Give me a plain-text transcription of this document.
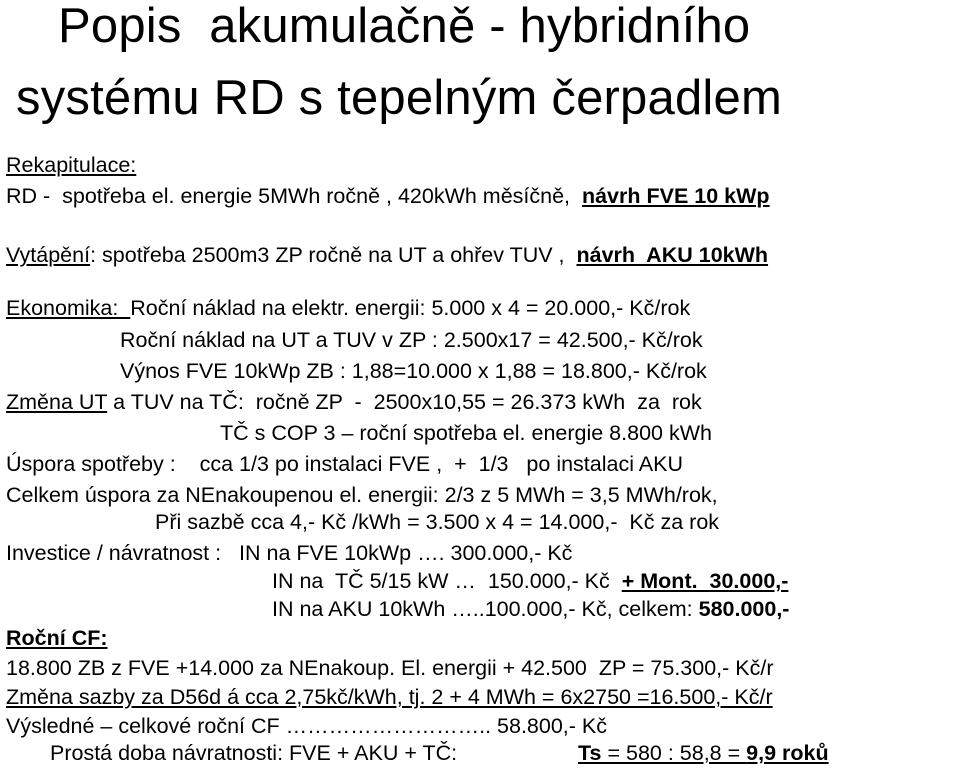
Popis  akumulačně - hybridního
systému RD s tepelným čerpadlem
Rekapitulace:
RD -  spotřeba el. energie 5MWh ročně , 420kWh měsíčně,  návrh FVE 10 kWp
Vytápění: spotřeba 2500m3 ZP ročně na UT a ohřev TUV ,  návrh  AKU 10kWh
Ekonomika:  Roční náklad na elektr. energii: 5.000 x 4 = 20.000,- Kč/rok
Roční náklad na UT a TUV v ZP : 2.500x17 = 42.500,- Kč/rok
Výnos FVE 10kWp ZB : 1,88=10.000 x 1,88 = 18.800,- Kč/rok
Změna UT a TUV na TČ:  ročně ZP  -  2500x10,55 = 26.373 kWh  za  rok
TČ s COP 3 – roční spotřeba el. energie 8.800 kWh
Úspora spotřeby :    cca 1/3 po instalaci FVE ,  +  1/3   po instalaci AKU
Celkem úspora za NEnakoupenou el. energii: 2/3 z 5 MWh = 3,5 MWh/rok,
Při sazbě cca 4,- Kč /kWh = 3.500 x 4 = 14.000,-  Kč za rok
Investice / návratnost :   IN na FVE 10kWp …. 300.000,- Kč
IN na  TČ 5/15 kW …  150.000,- Kč  + Mont.  30.000,-
IN na AKU 10kWh …..100.000,- Kč, celkem: 580.000,-
Roční CF:
18.800 ZB z FVE +14.000 za NEnakoup. El. energii + 42.500  ZP = 75.300,- Kč/r
Změna sazby za D56d á cca 2,75kč/kWh, tj. 2 + 4 MWh = 6x2750 =16.500,- Kč/r
Výsledné – celkové roční CF ……………………….. 58.800,- Kč
Prostá doba návratnosti: FVE + AKU + TČ:	Ts = 580 : 58,8 = 9,9 roků
